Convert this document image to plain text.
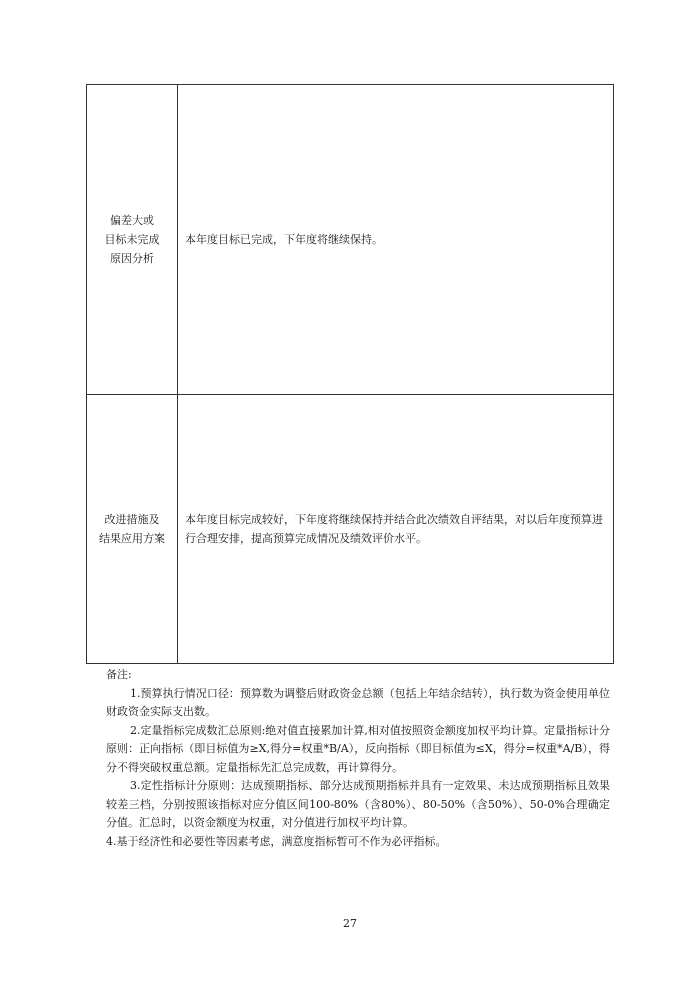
偏差大或
目标未完成
原因分析
本年度目标已完成，下年度将继续保持。
改进措施及
结果应用方案
本年度目标完成较好，下年度将继续保持并结合此次绩效自评结果，对以后年度预算进行合理安排，提高预算完成情况及绩效评价水平。
备注:
1.预算执行情况口径：预算数为调整后财政资金总额（包括上年结余结转），执行数为资金使用单位财政资金实际支出数。
2.定量指标完成数汇总原则:绝对值直接累加计算,相对值按照资金额度加权平均计算。定量指标计分原则：正向指标（即目标值为≥X,得分=权重*B/A），反向指标（即目标值为≤X，得分=权重*A/B），得分不得突破权重总额。定量指标先汇总完成数，再计算得分。
3.定性指标计分原则：达成预期指标、部分达成预期指标并具有一定效果、未达成预期指标且效果较差三档，分别按照该指标对应分值区间100-80%（含80%）、80-50%（含50%）、50-0%合理确定分值。汇总时，以资金额度为权重，对分值进行加权平均计算。
4.基于经济性和必要性等因素考虑，满意度指标暂可不作为必评指标。
27
